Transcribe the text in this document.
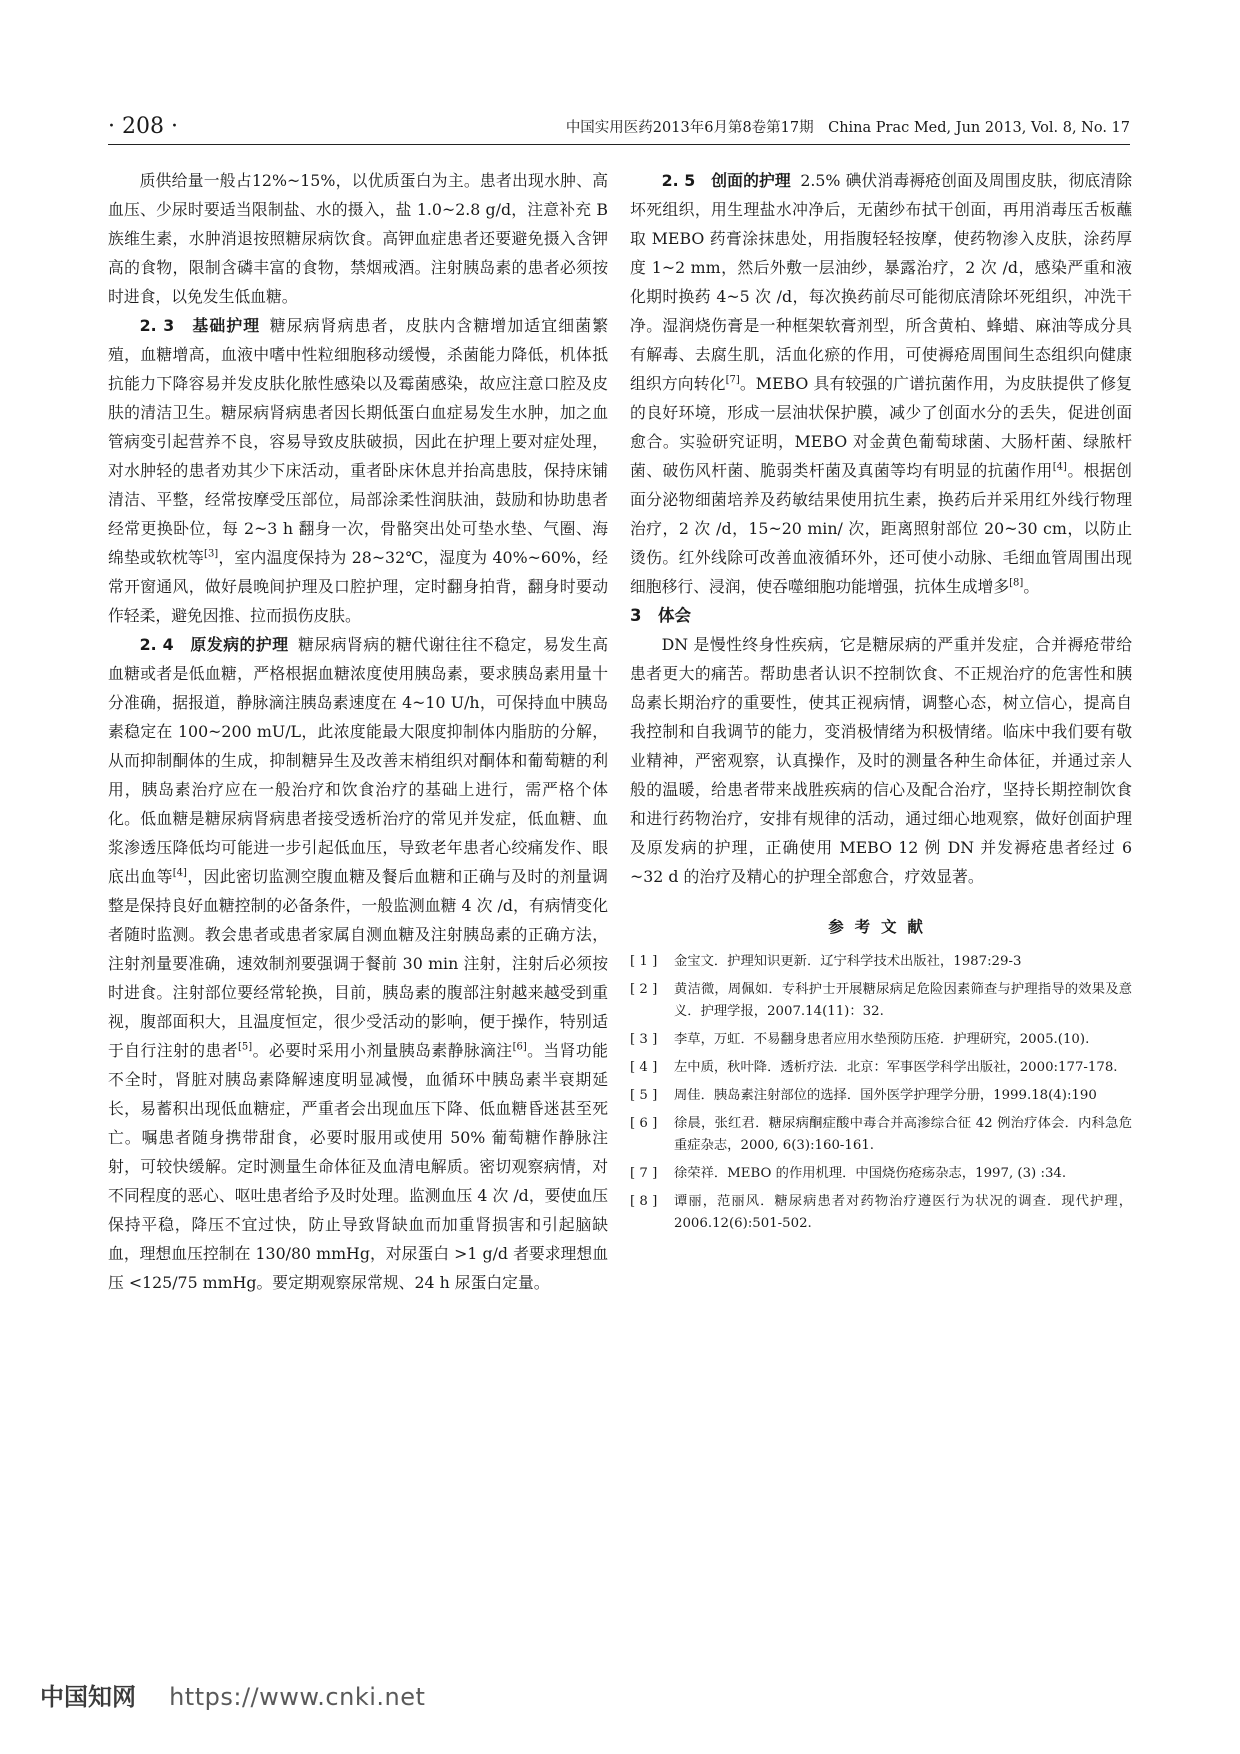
· 208 ·	中国实用医药2013年6月第8卷第17期　China Prac Med, Jun 2013, Vol. 8, No. 17

质供给量一般占12%~15%，以优质蛋白为主。患者出现水肿、高血压、少尿时要适当限制盐、水的摄入，盐 1.0~2.8 g/d，注意补充 B 族维生素，水肿消退按照糖尿病饮食。高钾血症患者还要避免摄入含钾高的食物，限制含磷丰富的食物，禁烟戒酒。注射胰岛素的患者必须按时进食，以免发生低血糖。

2. 3　基础护理 糖尿病肾病患者，皮肤内含糖增加适宜细菌繁殖，血糖增高，血液中嗜中性粒细胞移动缓慢，杀菌能力降低，机体抵抗能力下降容易并发皮肤化脓性感染以及霉菌感染，故应注意口腔及皮肤的清洁卫生。糖尿病肾病患者因长期低蛋白血症易发生水肿，加之血管病变引起营养不良，容易导致皮肤破损，因此在护理上要对症处理，对水肿轻的患者劝其少下床活动，重者卧床休息并抬高患肢，保持床铺清洁、平整，经常按摩受压部位，局部涂柔性润肤油，鼓励和协助患者经常更换卧位，每 2~3 h 翻身一次，骨骼突出处可垫水垫、气圈、海绵垫或软枕等[3]，室内温度保持为 28~32℃，湿度为 40%~60%，经常开窗通风，做好晨晚间护理及口腔护理，定时翻身拍背，翻身时要动作轻柔，避免因推、拉而损伤皮肤。

2. 4　原发病的护理 糖尿病肾病的糖代谢往往不稳定，易发生高血糖或者是低血糖，严格根据血糖浓度使用胰岛素，要求胰岛素用量十分准确，据报道，静脉滴注胰岛素速度在 4~10 U/h，可保持血中胰岛素稳定在 100~200 mU/L，此浓度能最大限度抑制体内脂肪的分解，从而抑制酮体的生成，抑制糖异生及改善末梢组织对酮体和葡萄糖的利用，胰岛素治疗应在一般治疗和饮食治疗的基础上进行，需严格个体化。低血糖是糖尿病肾病患者接受透析治疗的常见并发症，低血糖、血浆渗透压降低均可能进一步引起低血压，导致老年患者心绞痛发作、眼底出血等[4]，因此密切监测空腹血糖及餐后血糖和正确与及时的剂量调整是保持良好血糖控制的必备条件，一般监测血糖 4 次 /d，有病情变化者随时监测。教会患者或患者家属自测血糖及注射胰岛素的正确方法，注射剂量要准确，速效制剂要强调于餐前 30 min 注射，注射后必须按时进食。注射部位要经常轮换，目前，胰岛素的腹部注射越来越受到重视，腹部面积大，且温度恒定，很少受活动的影响，便于操作，特别适于自行注射的患者[5]。必要时采用小剂量胰岛素静脉滴注[6]。当肾功能不全时，肾脏对胰岛素降解速度明显减慢，血循环中胰岛素半衰期延长，易蓄积出现低血糖症，严重者会出现血压下降、低血糖昏迷甚至死亡。嘱患者随身携带甜食，必要时服用或使用 50% 葡萄糖作静脉注射，可较快缓解。定时测量生命体征及血清电解质。密切观察病情，对不同程度的恶心、呕吐患者给予及时处理。监测血压 4 次 /d，要使血压保持平稳，降压不宜过快，防止导致肾缺血而加重肾损害和引起脑缺血，理想血压控制在 130/80 mmHg，对尿蛋白 >1 g/d 者要求理想血压 <125/75 mmHg。要定期观察尿常规、24 h 尿蛋白定量。

2. 5　创面的护理 2.5% 碘伏消毒褥疮创面及周围皮肤，彻底清除坏死组织，用生理盐水冲净后，无菌纱布拭干创面，再用消毒压舌板蘸取 MEBO 药膏涂抹患处，用指腹轻轻按摩，使药物渗入皮肤，涂药厚度 1~2 mm，然后外敷一层油纱，暴露治疗，2 次 /d，感染严重和液化期时换药 4~5 次 /d，每次换药前尽可能彻底清除坏死组织，冲洗干净。湿润烧伤膏是一种框架软膏剂型，所含黄柏、蜂蜡、麻油等成分具有解毒、去腐生肌，活血化瘀的作用，可使褥疮周围间生态组织向健康组织方向转化[7]。MEBO 具有较强的广谱抗菌作用，为皮肤提供了修复的良好环境，形成一层油状保护膜，减少了创面水分的丢失，促进创面愈合。实验研究证明，MEBO 对金黄色葡萄球菌、大肠杆菌、绿脓杆菌、破伤风杆菌、脆弱类杆菌及真菌等均有明显的抗菌作用[4]。根据创面分泌物细菌培养及药敏结果使用抗生素，换药后并采用红外线行物理治疗，2 次 /d，15~20 min/ 次，距离照射部位 20~30 cm，以防止烫伤。红外线除可改善血液循环外，还可使小动脉、毛细血管周围出现细胞移行、浸润，使吞噬细胞功能增强，抗体生成增多[8]。

3　体会

DN 是慢性终身性疾病，它是糖尿病的严重并发症，合并褥疮带给患者更大的痛苦。帮助患者认识不控制饮食、不正规治疗的危害性和胰岛素长期治疗的重要性，使其正视病情，调整心态，树立信心，提高自我控制和自我调节的能力，变消极情绪为积极情绪。临床中我们要有敬业精神，严密观察，认真操作，及时的测量各种生命体征，并通过亲人般的温暖，给患者带来战胜疾病的信心及配合治疗，坚持长期控制饮食和进行药物治疗，安排有规律的活动，通过细心地观察，做好创面护理及原发病的护理，正确使用 MEBO 12 例 DN 并发褥疮患者经过 6 ~32 d 的治疗及精心的护理全部愈合，疗效显著。

参考文献
[ 1 ] 金宝文．护理知识更新．辽宁科学技术出版社，1987:29-3
[ 2 ] 黄洁微，周佩如．专科护士开展糖尿病足危险因素筛查与护理指导的效果及意义．护理学报，2007.14(11)：32.
[ 3 ] 李草，万虹．不易翻身患者应用水垫预防压疮．护理研究，2005.(10).
[ 4 ] 左中质，秋叶降．透析疗法．北京：军事医学科学出版社，2000:177-178.
[ 5 ] 周佳．胰岛素注射部位的选择．国外医学护理学分册，1999.18(4):190
[ 6 ] 徐晨，张红君．糖尿病酮症酸中毒合并高渗综合征 42 例治疗体会．内科急危重症杂志，2000, 6(3):160-161.
[ 7 ] 徐荣祥．MEBO 的作用机理．中国烧伤疮疡杂志，1997, (3) :34.
[ 8 ] 谭丽，范丽风．糖尿病患者对药物治疗遵医行为状况的调查．现代护理，2006.12(6):501-502.
中国知网 https://www.cnki.net
